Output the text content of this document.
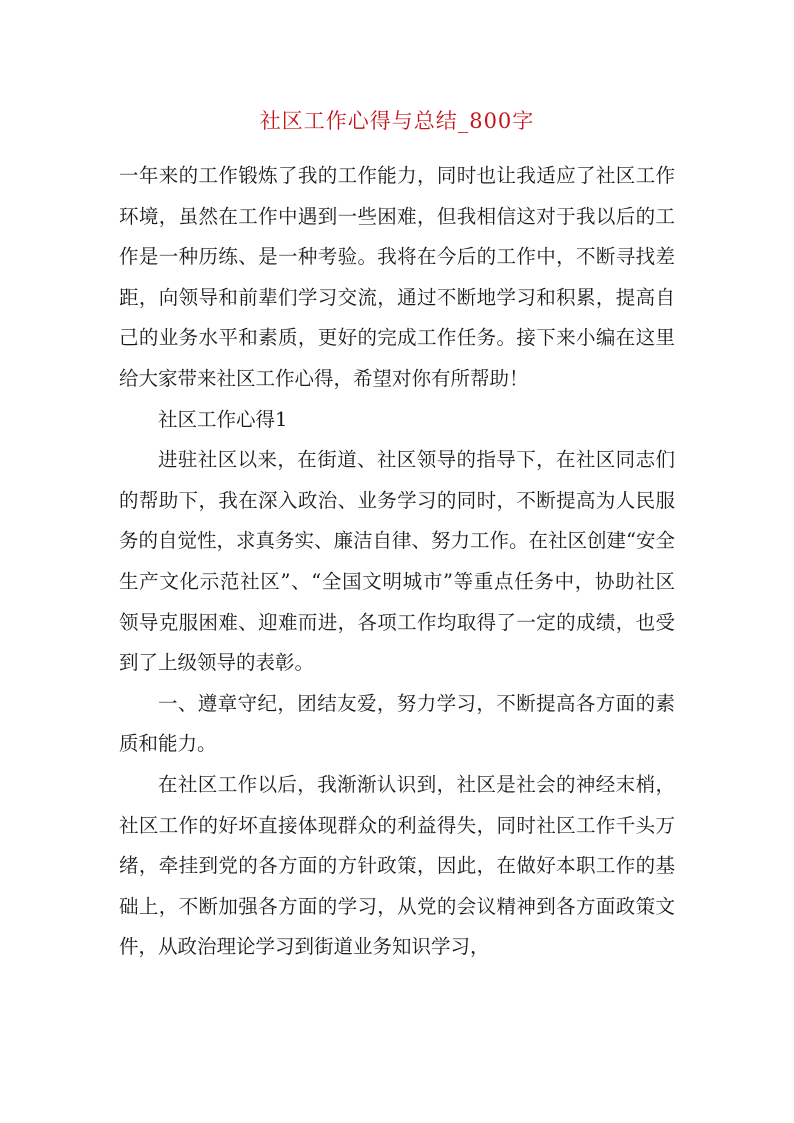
社区工作心得与总结_800字

一年来的工作锻炼了我的工作能力，同时也让我适应了社区工作环境，虽然在工作中遇到一些困难，但我相信这对于我以后的工作是一种历练、是一种考验。我将在今后的工作中，不断寻找差距，向领导和前辈们学习交流，通过不断地学习和积累，提高自己的业务水平和素质，更好的完成工作任务。接下来小编在这里给大家带来社区工作心得，希望对你有所帮助！

社区工作心得1

进驻社区以来，在街道、社区领导的指导下，在社区同志们的帮助下，我在深入政治、业务学习的同时，不断提高为人民服务的自觉性，求真务实、廉洁自律、努力工作。在社区创建“安全生产文化示范社区”、“全国文明城市”等重点任务中，协助社区领导克服困难、迎难而进，各项工作均取得了一定的成绩，也受到了上级领导的表彰。

一、遵章守纪，团结友爱，努力学习，不断提高各方面的素质和能力。

在社区工作以后，我渐渐认识到，社区是社会的神经末梢，社区工作的好坏直接体现群众的利益得失，同时社区工作千头万绪，牵挂到党的各方面的方针政策，因此，在做好本职工作的基础上，不断加强各方面的学习，从党的会议精神到各方面政策文件，从政治理论学习到街道业务知识学习，
